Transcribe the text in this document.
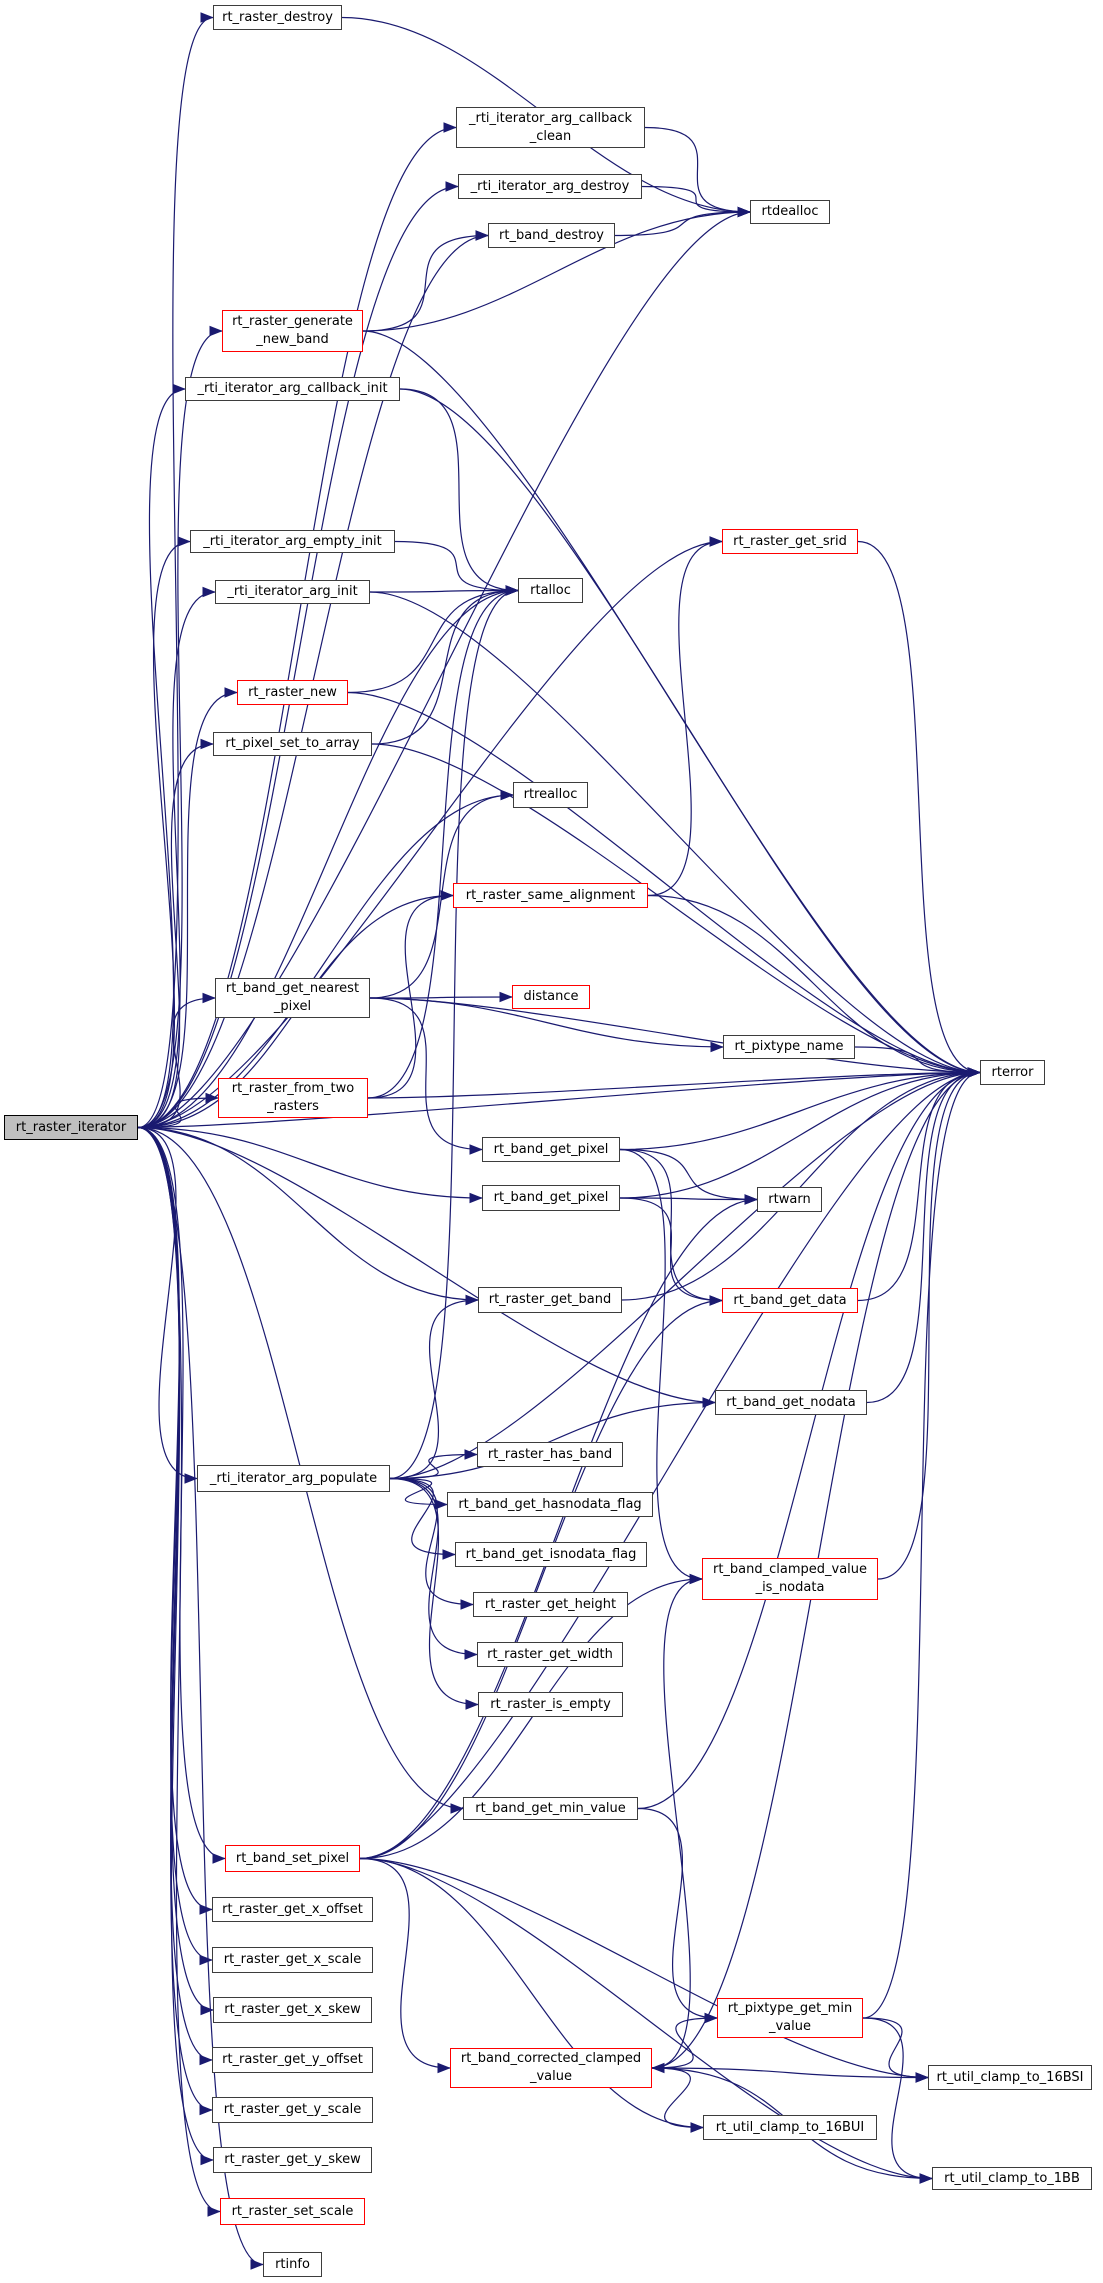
rt_raster_iterator
rt_raster_destroy
_rti_iterator_arg_callback
_clean
_rti_iterator_arg_destroy
rt_band_destroy
rtdealloc
rt_raster_generate
_new_band
_rti_iterator_arg_callback_init
rt_raster_get_srid
_rti_iterator_arg_empty_init
_rti_iterator_arg_init	rtalloc
rt_raster_new
rt_pixel_set_to_array
rtrealloc
rt_raster_same_alignment
rt_band_get_nearest
_pixel
distance
rt_pixtype_name
rterror
rt_raster_from_two
_rasters
rt_band_get_pixel
rt_band_get_pixel	rtwarn
rt_raster_get_band	rt_band_get_data
rt_band_get_nodata
rt_raster_has_band
rt_band_get_hasnodata_flag
rt_band_get_isnodata_flag
rt_band_clamped_value
_is_nodata
rt_raster_get_height
rt_raster_get_width
rt_raster_is_empty
_rti_iterator_arg_populate
rt_band_get_min_value
rt_band_set_pixel
rt_raster_get_x_offset
rt_raster_get_x_scale
rt_raster_get_x_skew
rt_raster_get_y_offset
rt_raster_get_y_scale
rt_raster_get_y_skew
rt_raster_set_scale
rtinfo
rt_pixtype_get_min
_value
rt_band_corrected_clamped
_value
rt_util_clamp_to_16BUI
rt_util_clamp_to_16BSI
rt_util_clamp_to_1BB
